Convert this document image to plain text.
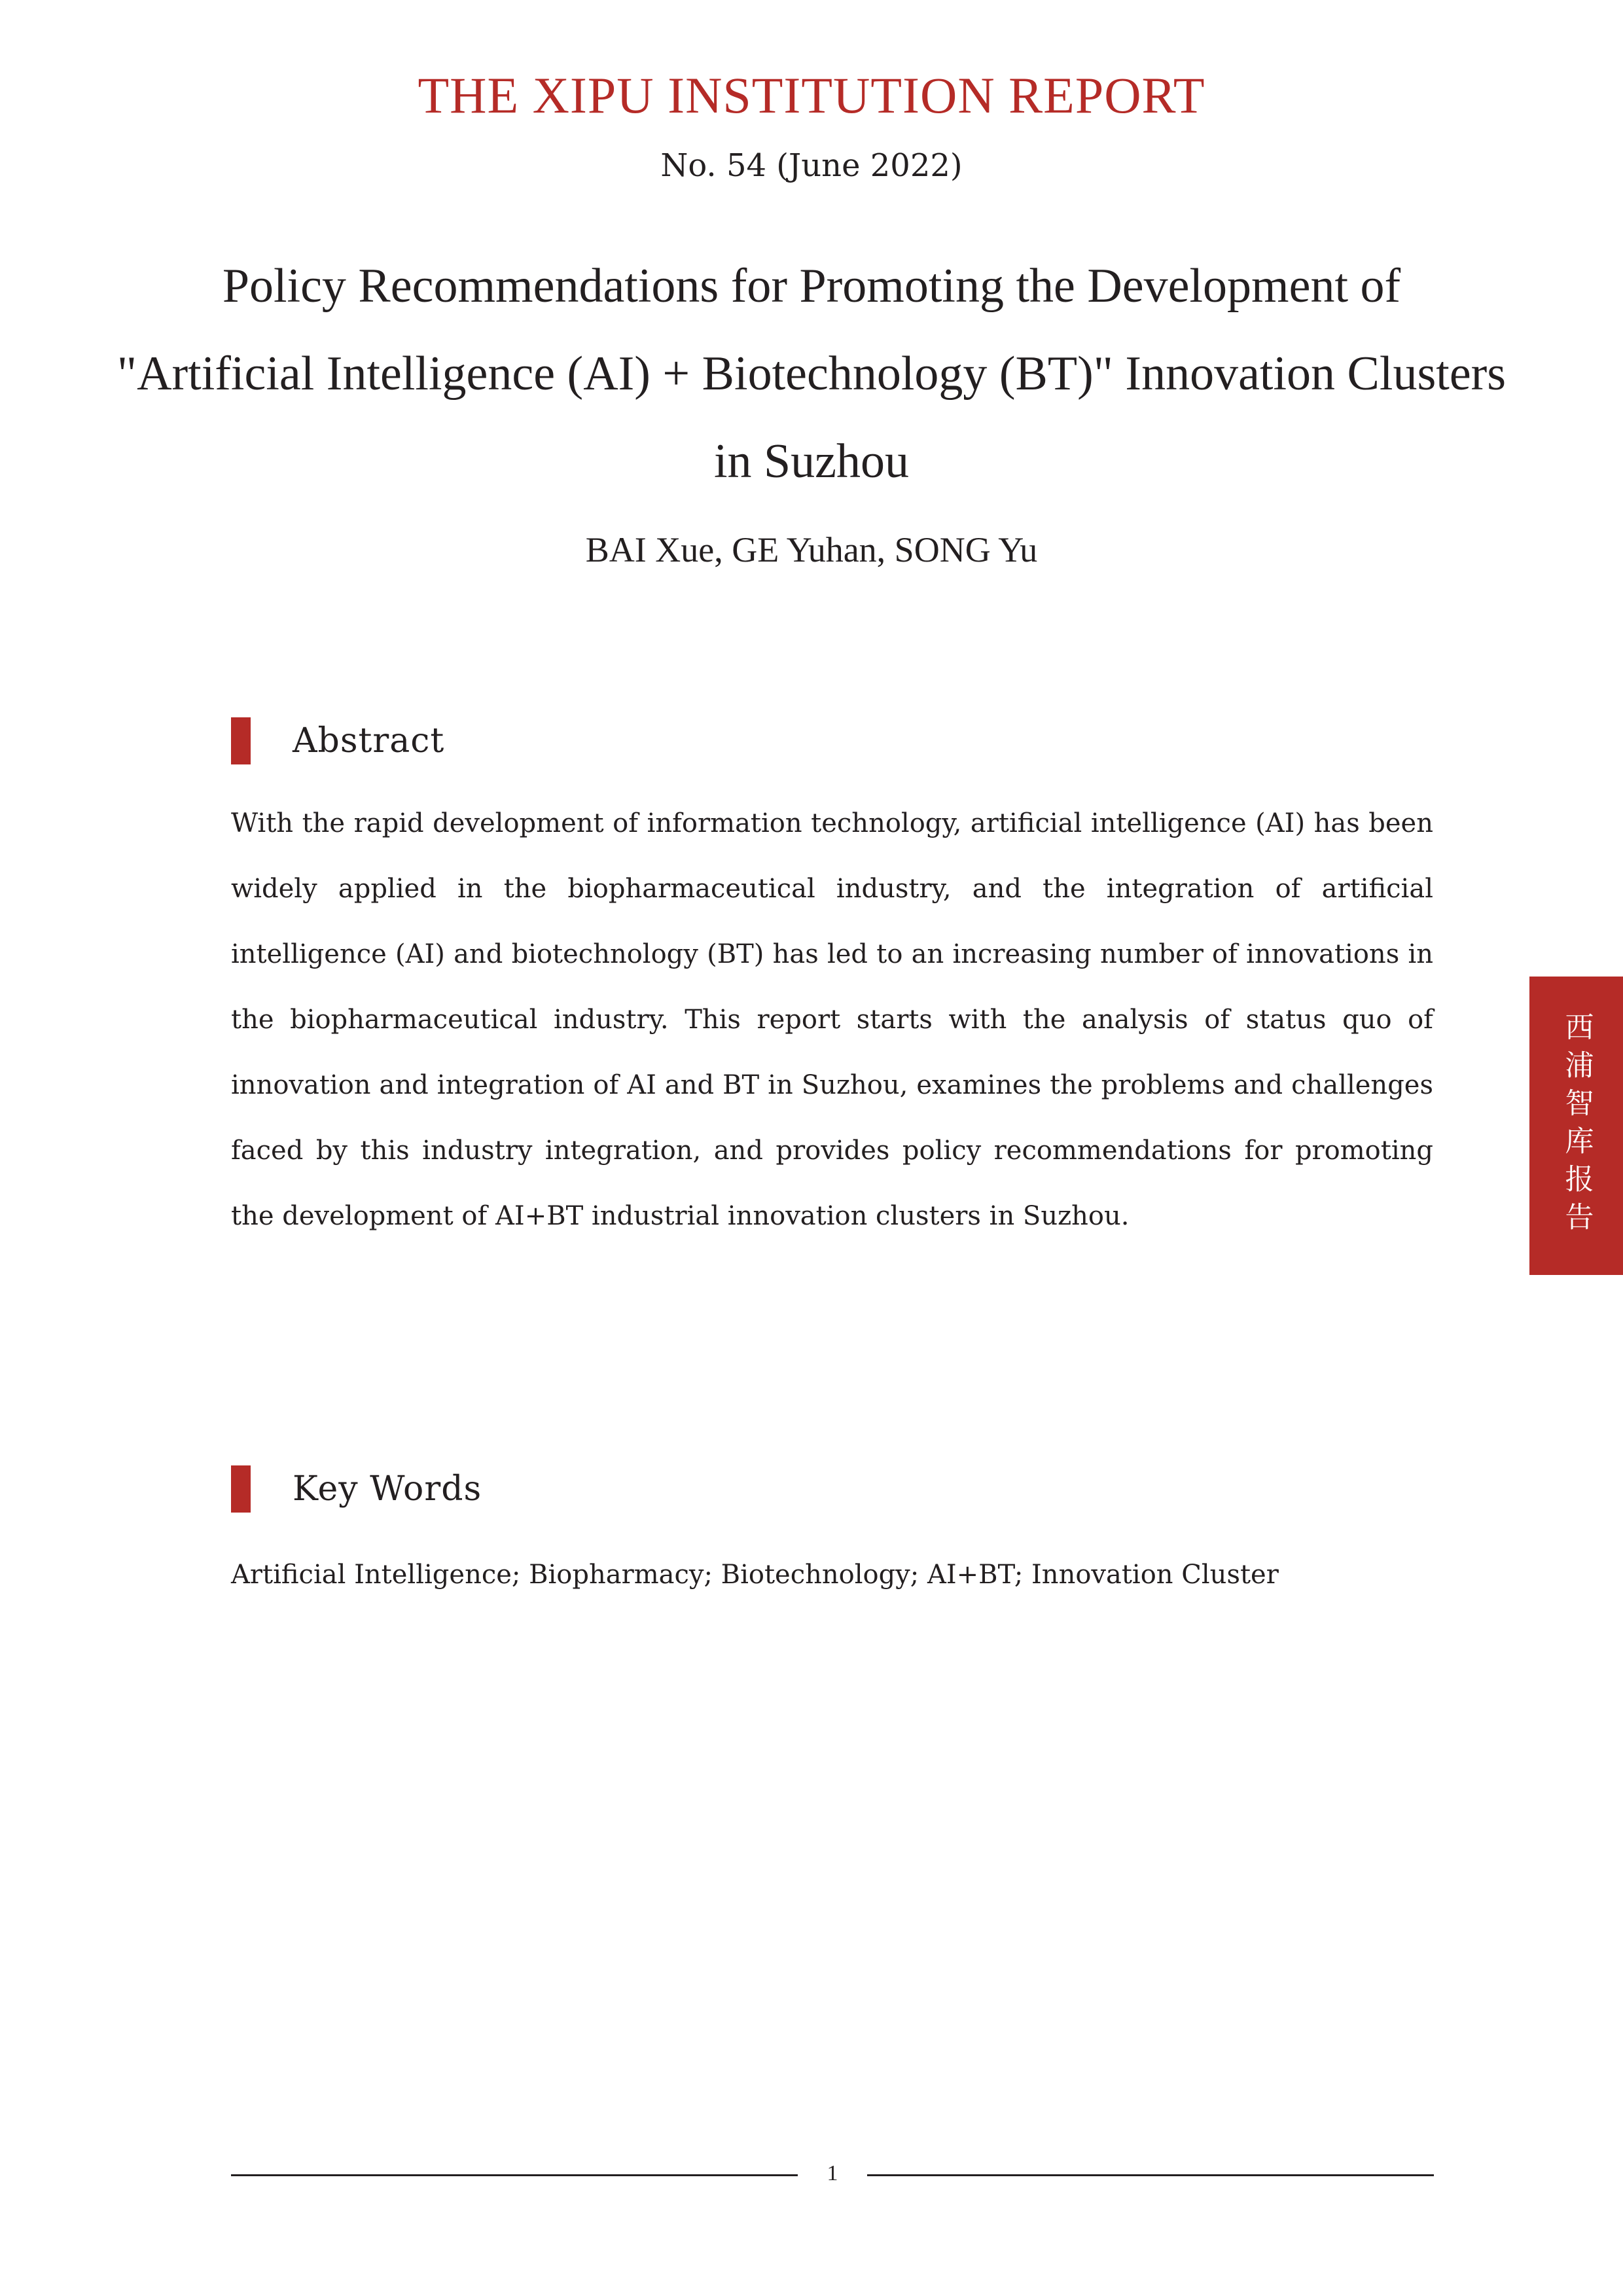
THE XIPU INSTITUTION REPORT
No. 54 (June 2022)
Policy Recommendations for Promoting the Development of
"Artificial Intelligence (AI) + Biotechnology (BT)" Innovation Clusters
in Suzhou
BAI Xue, GE Yuhan, SONG Yu
Abstract
With the rapid development of information technology, artificial intelligence (AI) has been widely applied in the biopharmaceutical industry, and the integration of artificial intelligence (AI) and biotechnology (BT) has led to an increasing number of innovations in the biopharmaceutical industry. This report starts with the analysis of status quo of innovation and integration of AI and BT in Suzhou, examines the problems and challenges faced by this industry integration, and provides policy recommendations for promoting the development of AI+BT industrial innovation clusters in Suzhou.
Key Words
Artificial Intelligence; Biopharmacy; Biotechnology; AI+BT; Innovation Cluster
西浦智库报告
1
